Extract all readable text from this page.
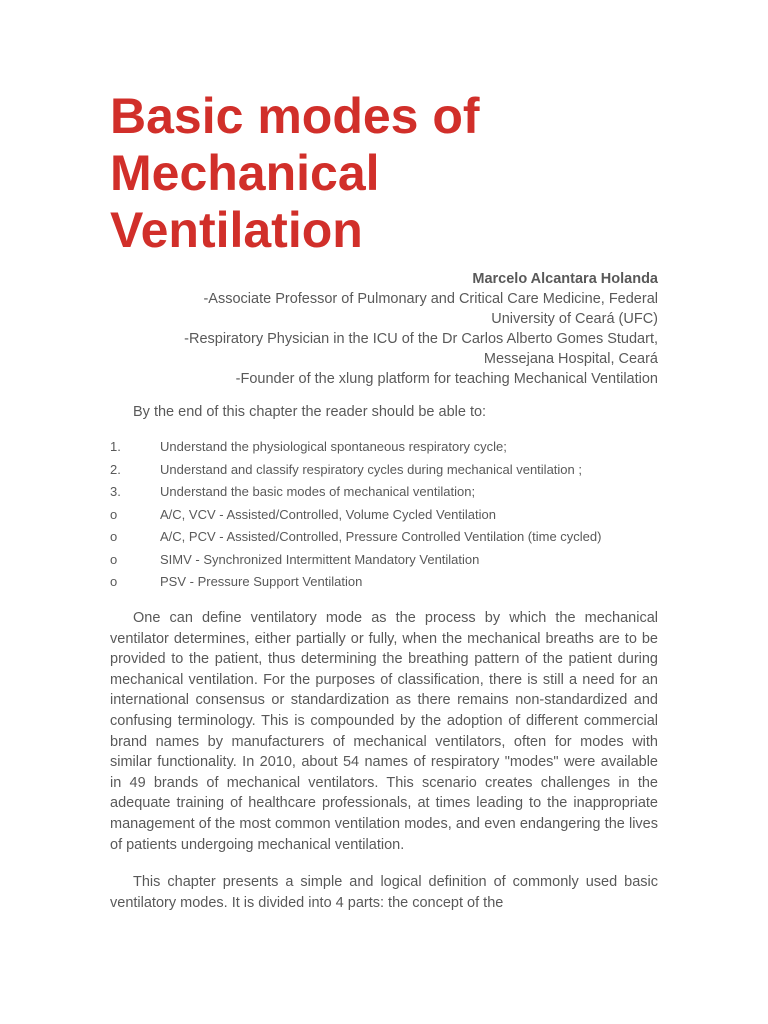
Basic modes of
Mechanical
Ventilation
Marcelo Alcantara Holanda
-Associate Professor of Pulmonary and Critical Care Medicine, Federal
University of Ceará (UFC)
-Respiratory Physician in the ICU of the Dr Carlos Alberto Gomes Studart,
Messejana Hospital, Ceará
-Founder of the xlung platform for teaching Mechanical Ventilation
By the end of this chapter the reader should be able to:
1.	Understand the physiological spontaneous respiratory cycle;
2.	Understand and classify respiratory cycles during mechanical ventilation ;
3.	Understand the basic modes of mechanical ventilation;
o	A/C, VCV - Assisted/Controlled, Volume Cycled Ventilation
o	A/C, PCV - Assisted/Controlled, Pressure Controlled Ventilation (time cycled)
o	SIMV - Synchronized Intermittent Mandatory Ventilation
o	PSV - Pressure Support Ventilation

One can define ventilatory mode as the process by which the mechanical ventilator determines, either partially or fully, when the mechanical breaths are to be provided to the patient, thus determining the breathing pattern of the patient during mechanical ventilation. For the purposes of classification, there is still a need for an international consensus or standardization as there remains non-standardized and confusing terminology. This is compounded by the adoption of different commercial brand names by manufacturers of mechanical ventilators, often for modes with similar functionality. In 2010, about 54 names of respiratory "modes" were available in 49 brands of mechanical ventilators. This scenario creates challenges in the adequate training of healthcare professionals, at times leading to the inappropriate management of the most common ventilation modes, and even endangering the lives of patients undergoing mechanical ventilation.

This chapter presents a simple and logical definition of commonly used basic ventilatory modes. It is divided into 4 parts: the concept of the
